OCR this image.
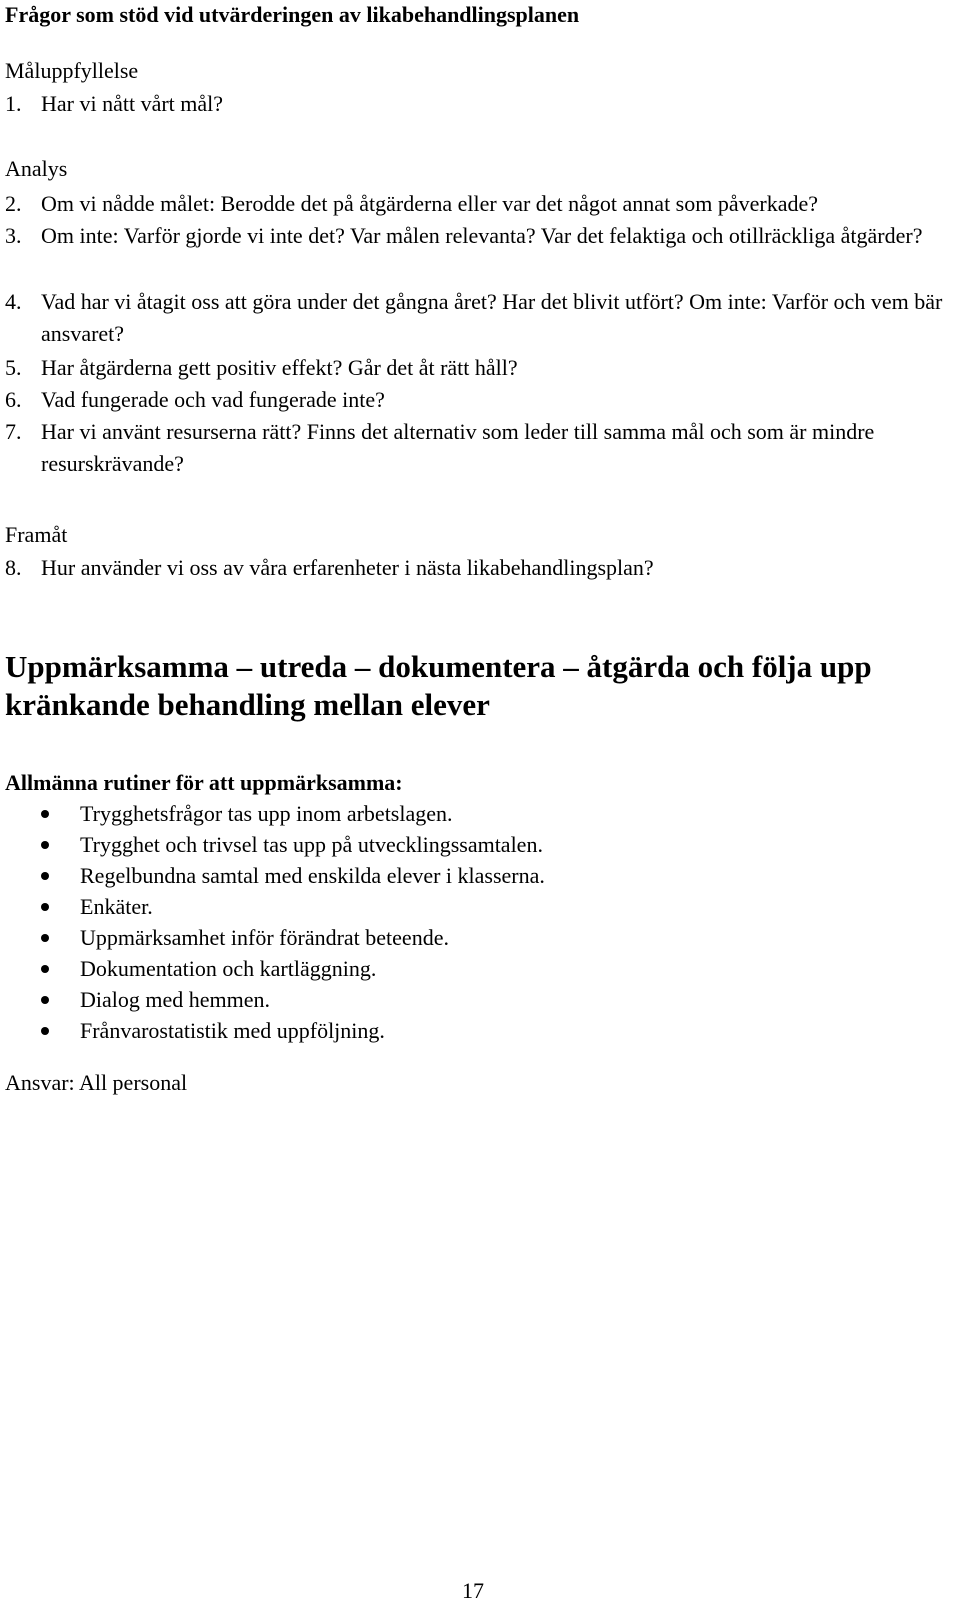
Frågor som stöd vid utvärderingen av likabehandlingsplanen
Måluppfyllelse
1. Har vi nått vårt mål?
Analys
2. Om vi nådde målet: Berodde det på åtgärderna eller var det något annat som påverkade?
3. Om inte: Varför gjorde vi inte det? Var målen relevanta? Var det felaktiga och otillräckliga åtgärder?
4. Vad har vi åtagit oss att göra under det gångna året? Har det blivit utfört? Om inte: Varför och vem bär ansvaret?
5. Har åtgärderna gett positiv effekt? Går det åt rätt håll?
6. Vad fungerade och vad fungerade inte?
7. Har vi använt resurserna rätt? Finns det alternativ som leder till samma mål och som är mindre resurskrävande?
Framåt
8. Hur använder vi oss av våra erfarenheter i nästa likabehandlingsplan?
Uppmärksamma – utreda – dokumentera – åtgärda och följa upp kränkande behandling mellan elever
Allmänna rutiner för att uppmärksamma:
Trygghetsfrågor tas upp inom arbetslagen.
Trygghet och trivsel tas upp på utvecklingssamtalen.
Regelbundna samtal med enskilda elever i klasserna.
Enkäter.
Uppmärksamhet inför förändrat beteende.
Dokumentation och kartläggning.
Dialog med hemmen.
Frånvarostatistik med uppföljning.
Ansvar: All personal
17
